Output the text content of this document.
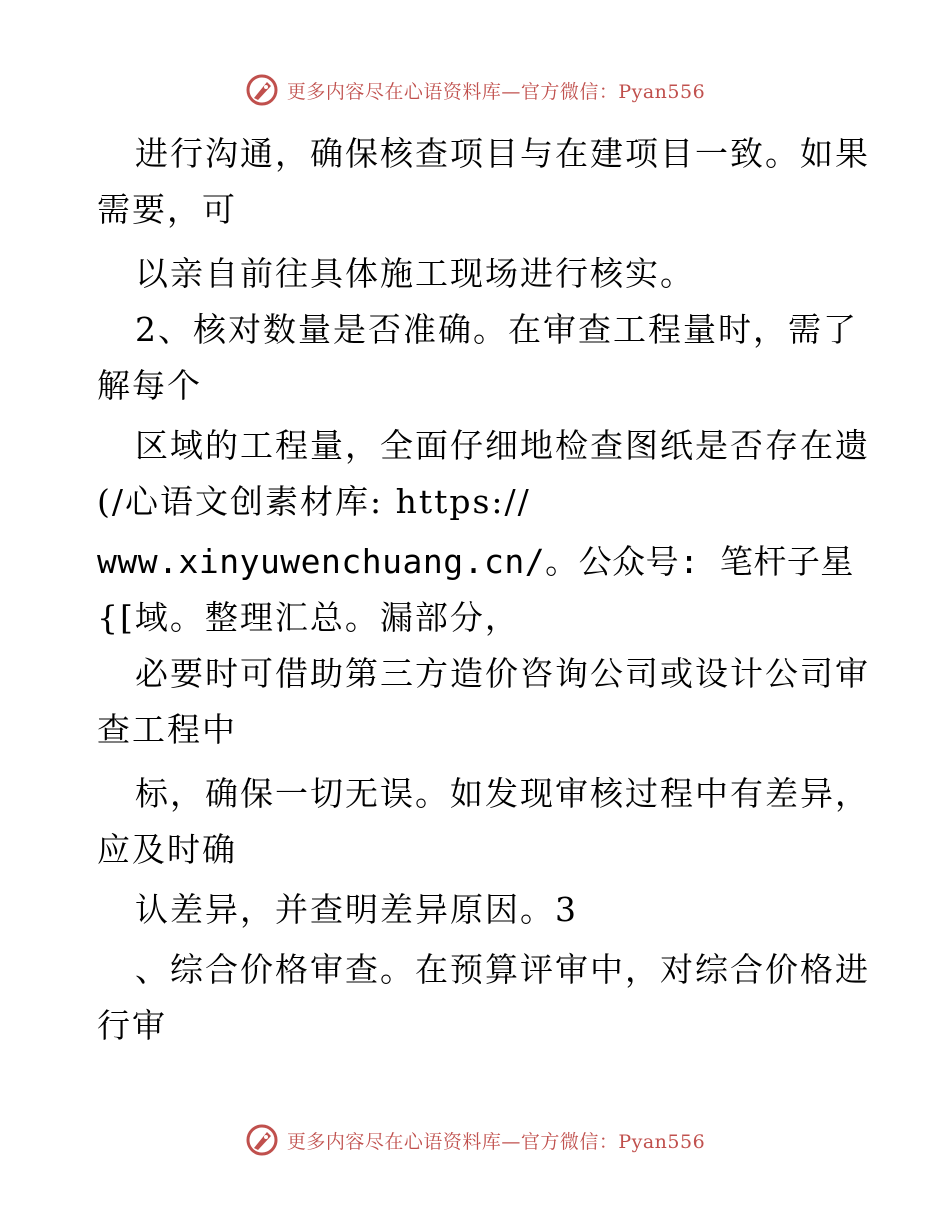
更多内容尽在心语资料库—官方微信：Pyan556
进行沟通，确保核查项目与在建项目一致。如果
需要，可
以亲自前往具体施工现场进行核实。
2、核对数量是否准确。在审查工程量时，需了
解每个
区域的工程量，全面仔细地检查图纸是否存在遗
(/心语文创素材库: https://
www.xinyuwenchuang.cn/。公众号: 笔杆子星
{[域。整理汇总。漏部分，
必要时可借助第三方造价咨询公司或设计公司审
查工程中
标，确保一切无误。如发现审核过程中有差异，
应及时确
认差异，并查明差异原因。3
、综合价格审查。在预算评审中，对综合价格进
行审
更多内容尽在心语资料库—官方微信：Pyan556
